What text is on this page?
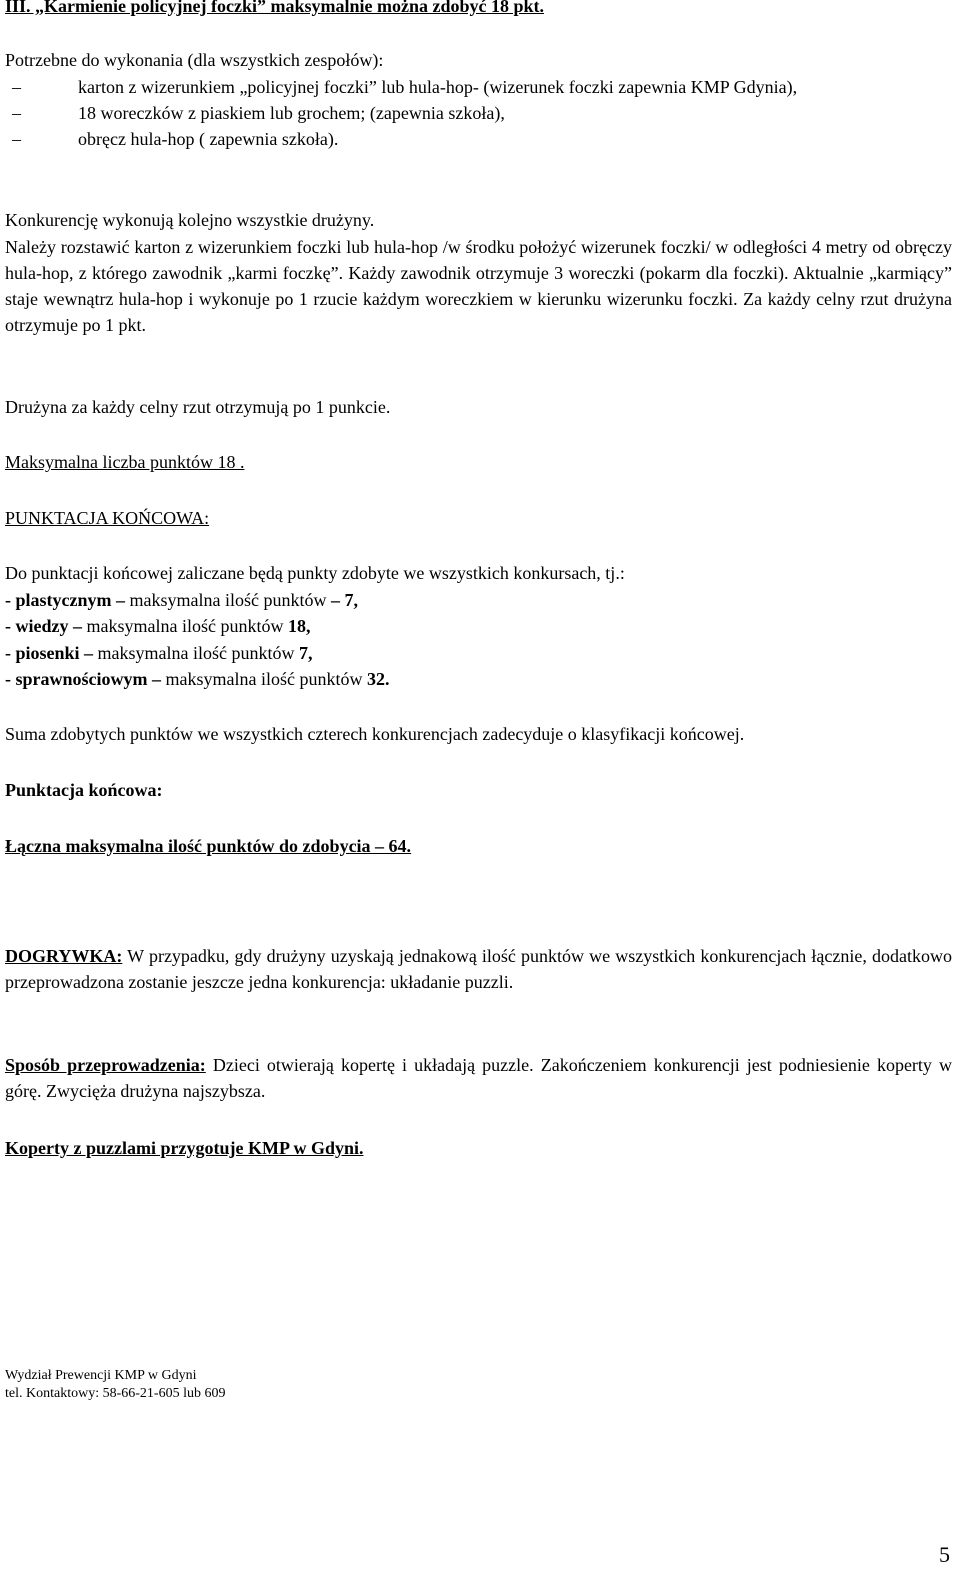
III. „Karmienie policyjnej foczki” maksymalnie można zdobyć 18 pkt.

Potrzebne do wykonania (dla wszystkich zespołów):

–	karton z wizerunkiem „policyjnej foczki” lub hula-hop- (wizerunek foczki zapewnia KMP Gdynia),
–	18 woreczków z piaskiem lub grochem; (zapewnia szkoła),
–	obręcz hula-hop ( zapewnia szkoła).

Konkurencję wykonują kolejno wszystkie drużyny.

Należy rozstawić karton z wizerunkiem foczki lub hula-hop /w środku położyć wizerunek foczki/ w odległości 4 metry od obręczy hula-hop, z którego zawodnik „karmi foczkę”. Każdy zawodnik otrzymuje 3 woreczki (pokarm dla foczki). Aktualnie „karmiący” staje wewnątrz hula-hop i wykonuje po 1 rzucie każdym woreczkiem w kierunku wizerunku foczki. Za każdy celny rzut drużyna otrzymuje po 1 pkt.

Drużyna za każdy celny rzut otrzymują po 1 punkcie.

Maksymalna liczba punktów 18 .

PUNKTACJA KOŃCOWA:

Do punktacji końcowej zaliczane będą punkty zdobyte we wszystkich konkursach, tj.:

- plastycznym – maksymalna ilość punktów – 7,
- wiedzy – maksymalna ilość punktów 18,
- piosenki – maksymalna ilość punktów 7,
- sprawnościowym – maksymalna ilość punktów 32.

Suma zdobytych punktów we wszystkich czterech konkurencjach zadecyduje o klasyfikacji końcowej.

Punktacja końcowa:

Łączna maksymalna ilość punktów do zdobycia – 64.

DOGRYWKA: W przypadku, gdy drużyny uzyskają jednakową ilość punktów we wszystkich konkurencjach łącznie, dodatkowo przeprowadzona zostanie jeszcze jedna konkurencja: układanie puzzli.

Sposób przeprowadzenia: Dzieci otwierają kopertę i układają puzzle. Zakończeniem konkurencji jest podniesienie koperty w górę. Zwycięża drużyna najszybsza.

Koperty z puzzlami przygotuje KMP w Gdyni.

Wydział Prewencji KMP w Gdyni
tel. Kontaktowy: 58-66-21-605 lub 609
5
